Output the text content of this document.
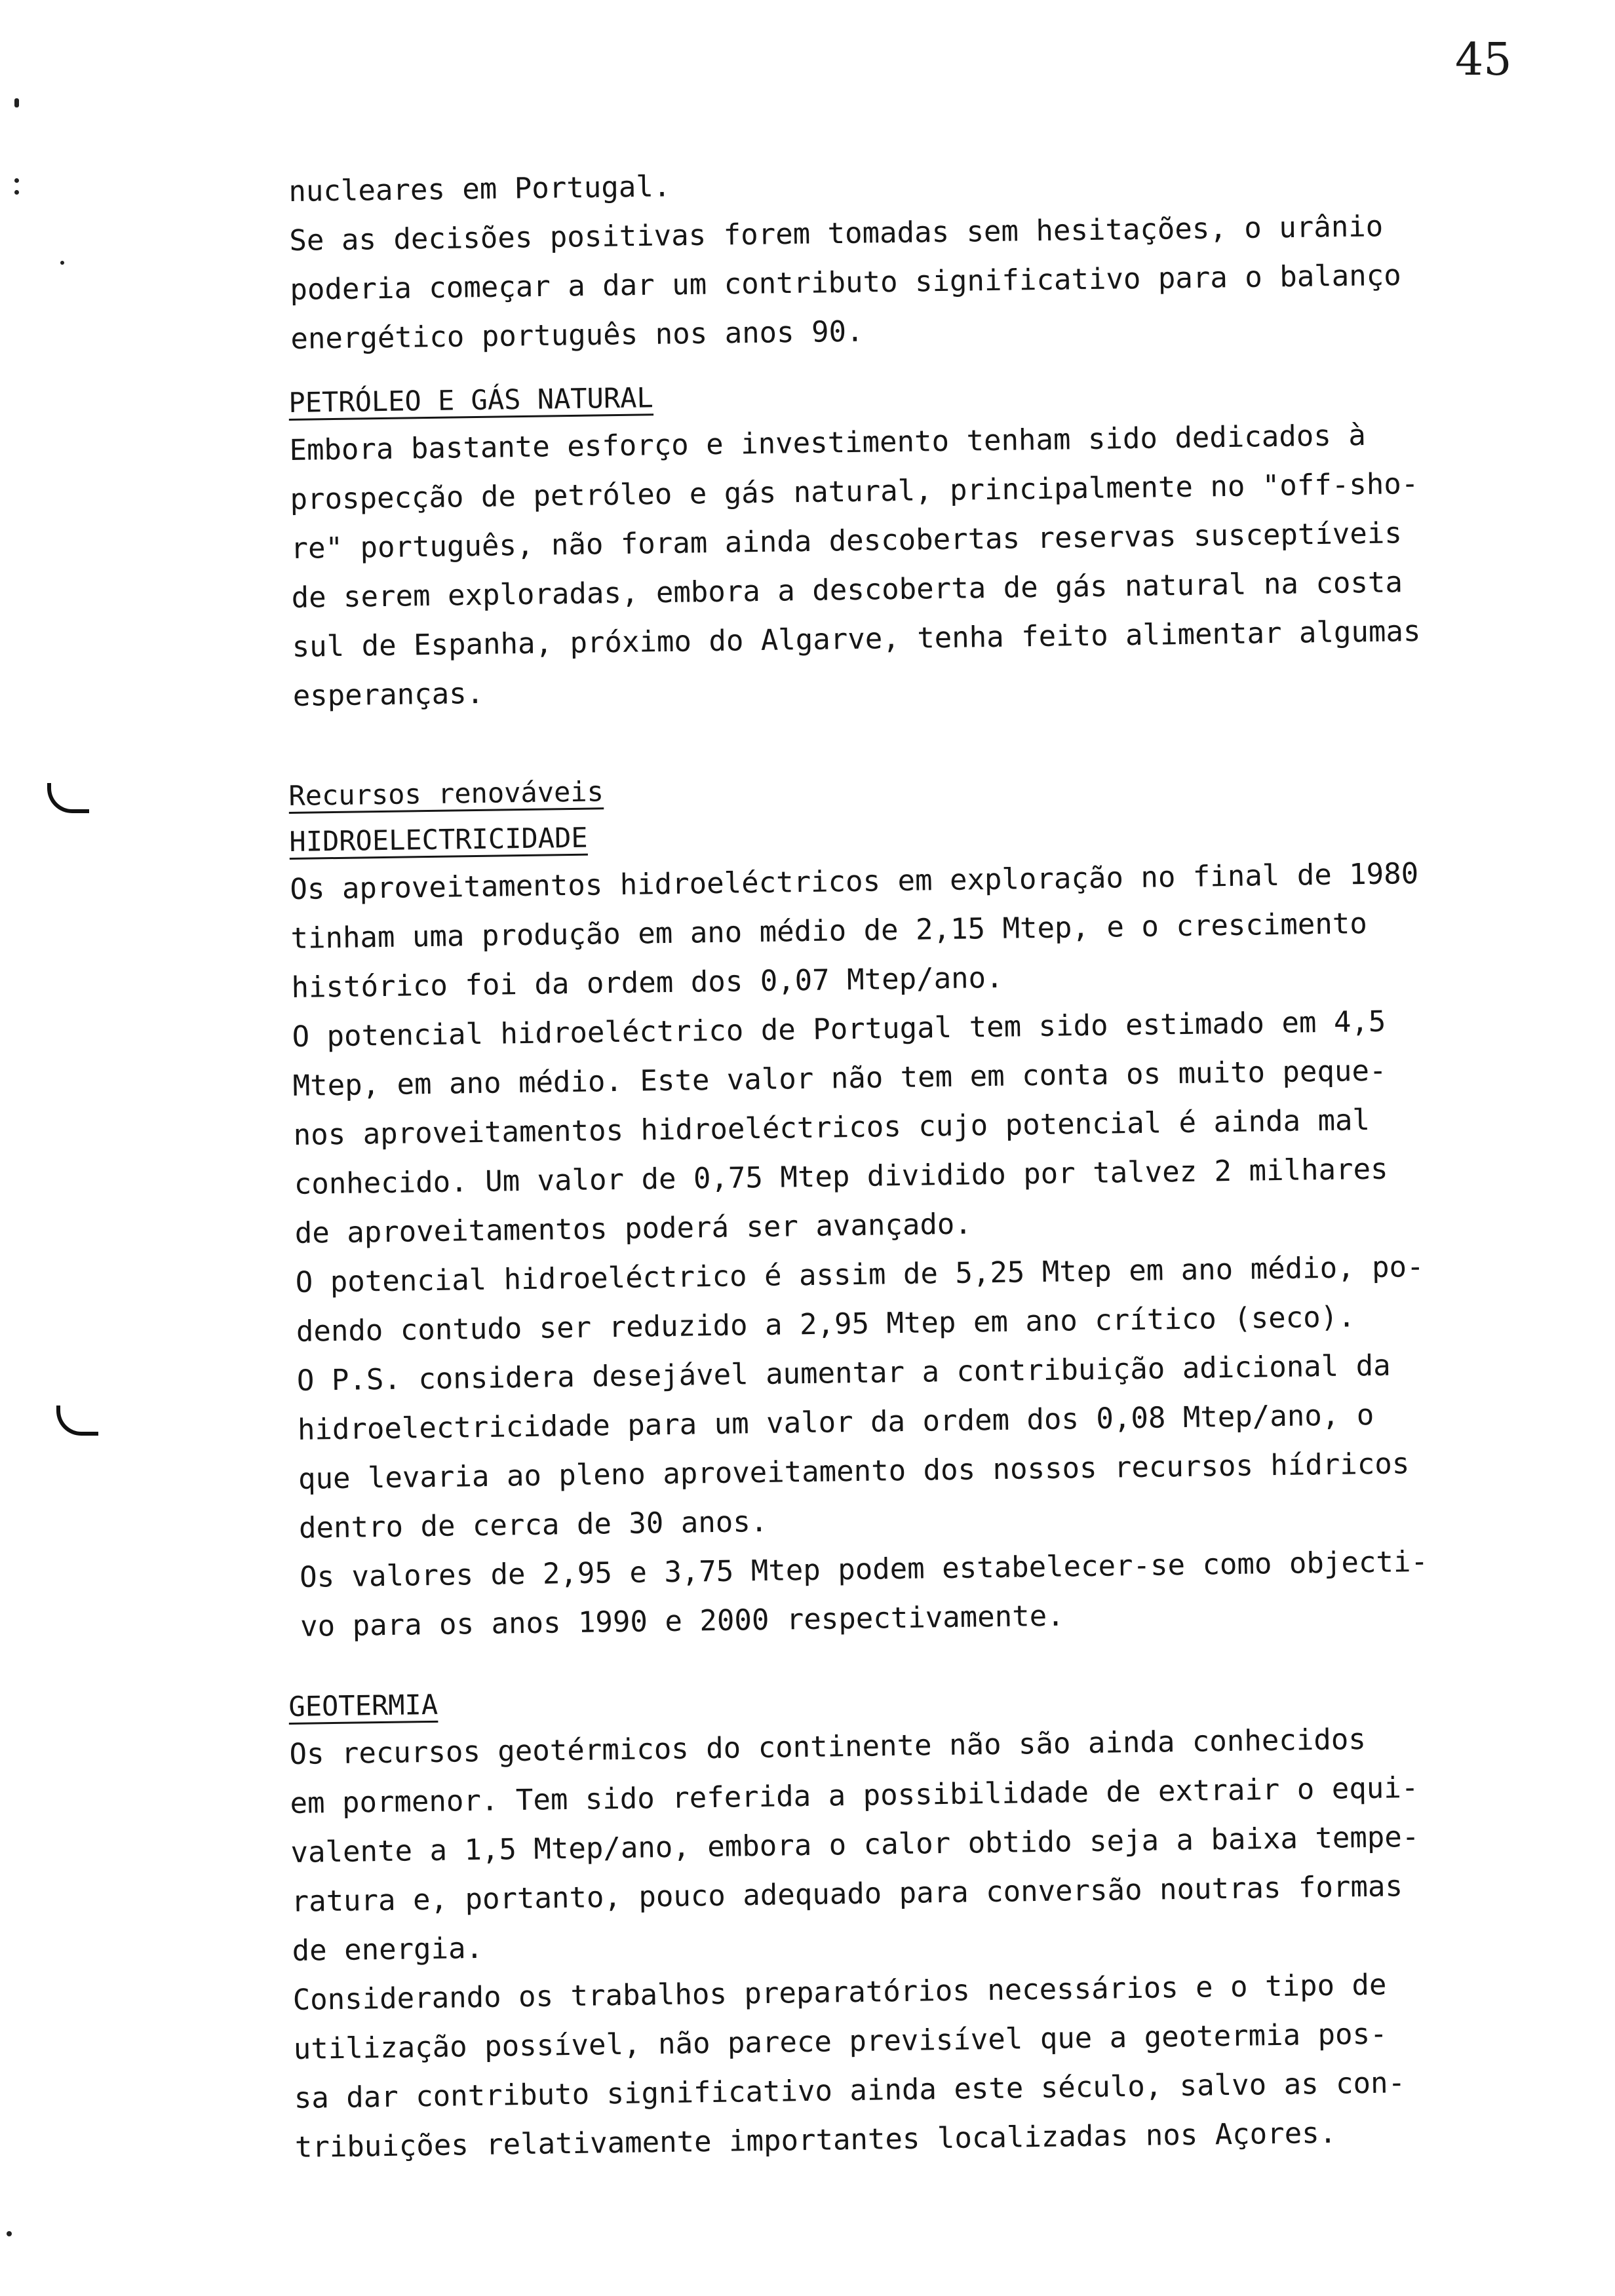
45
nucleares em Portugal.
Se as decisões positivas forem tomadas sem hesitações, o urânio
poderia começar a dar um contributo significativo para o balanço
energético português nos anos 90.
PETRÓLEO E GÁS NATURAL
Embora bastante esforço e investimento tenham sido dedicados à
prospecção de petróleo e gás natural, principalmente no "off-sho-
re" português, não foram ainda descobertas reservas susceptíveis
de serem exploradas, embora a descoberta de gás natural na costa
sul de Espanha, próximo do Algarve, tenha feito alimentar algumas
esperanças.
Recursos renováveis
HIDROELECTRICIDADE
Os aproveitamentos hidroeléctricos em exploração no final de 1980
tinham uma produção em ano médio de 2,15 Mtep, e o crescimento
histórico foi da ordem dos 0,07 Mtep/ano.
O potencial hidroeléctrico de Portugal tem sido estimado em 4,5
Mtep, em ano médio. Este valor não tem em conta os muito peque-
nos aproveitamentos hidroeléctricos cujo potencial é ainda mal
conhecido. Um valor de 0,75 Mtep dividido por talvez 2 milhares
de aproveitamentos poderá ser avançado.
O potencial hidroeléctrico é assim de 5,25 Mtep em ano médio, po-
dendo contudo ser reduzido a 2,95 Mtep em ano crítico (seco).
O P.S. considera desejável aumentar a contribuição adicional da
hidroelectricidade para um valor da ordem dos 0,08 Mtep/ano, o
que levaria ao pleno aproveitamento dos nossos recursos hídricos
dentro de cerca de 30 anos.
Os valores de 2,95 e 3,75 Mtep podem estabelecer-se como objecti-
vo para os anos 1990 e 2000 respectivamente.
GEOTERMIA
Os recursos geotérmicos do continente não são ainda conhecidos
em pormenor. Tem sido referida a possibilidade de extrair o equi-
valente a 1,5 Mtep/ano, embora o calor obtido seja a baixa tempe-
ratura e, portanto, pouco adequado para conversão noutras formas
de energia.
Considerando os trabalhos preparatórios necessários e o tipo de
utilização possível, não parece previsível que a geotermia pos-
sa dar contributo significativo ainda este século, salvo as con-
tribuições relativamente importantes localizadas nos Açores.
